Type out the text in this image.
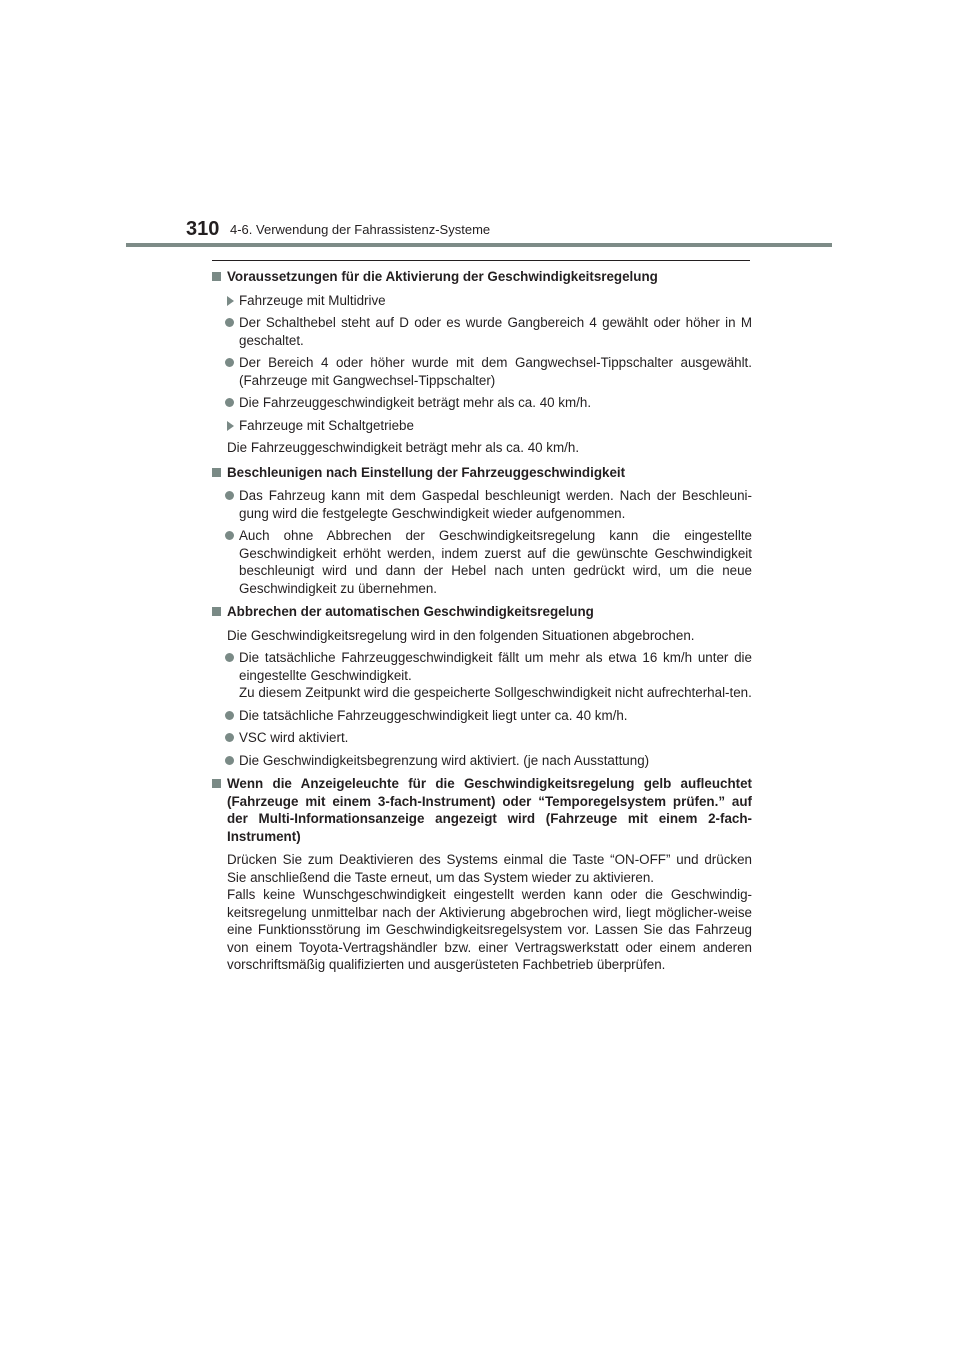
310 4-6. Verwendung der Fahrassistenz-Systeme
Voraussetzungen für die Aktivierung der Geschwindigkeitsregelung
Fahrzeuge mit Multidrive
Der Schalthebel steht auf D oder es wurde Gangbereich 4 gewählt oder höher in M geschaltet.
Der Bereich 4 oder höher wurde mit dem Gangwechsel-Tippschalter ausgewählt. (Fahrzeuge mit Gangwechsel-Tippschalter)
Die Fahrzeuggeschwindigkeit beträgt mehr als ca. 40 km/h.
Fahrzeuge mit Schaltgetriebe
Die Fahrzeuggeschwindigkeit beträgt mehr als ca. 40 km/h.
Beschleunigen nach Einstellung der Fahrzeuggeschwindigkeit
Das Fahrzeug kann mit dem Gaspedal beschleunigt werden. Nach der Beschleuni-gung wird die festgelegte Geschwindigkeit wieder aufgenommen.
Auch ohne Abbrechen der Geschwindigkeitsregelung kann die eingestellte Geschwindigkeit erhöht werden, indem zuerst auf die gewünschte Geschwindigkeit beschleunigt wird und dann der Hebel nach unten gedrückt wird, um die neue Geschwindigkeit zu übernehmen.
Abbrechen der automatischen Geschwindigkeitsregelung
Die Geschwindigkeitsregelung wird in den folgenden Situationen abgebrochen.
Die tatsächliche Fahrzeuggeschwindigkeit fällt um mehr als etwa 16 km/h unter die eingestellte Geschwindigkeit.
Zu diesem Zeitpunkt wird die gespeicherte Sollgeschwindigkeit nicht aufrechterhal-ten.
Die tatsächliche Fahrzeuggeschwindigkeit liegt unter ca. 40 km/h.
VSC wird aktiviert.
Die Geschwindigkeitsbegrenzung wird aktiviert. (je nach Ausstattung)
Wenn die Anzeigeleuchte für die Geschwindigkeitsregelung gelb aufleuchtet (Fahrzeuge mit einem 3-fach-Instrument) oder “Temporegelsystem prüfen.” auf der Multi-Informationsanzeige angezeigt wird (Fahrzeuge mit einem 2-fach-Instrument)
Drücken Sie zum Deaktivieren des Systems einmal die Taste “ON-OFF” und drücken Sie anschließend die Taste erneut, um das System wieder zu aktivieren.
Falls keine Wunschgeschwindigkeit eingestellt werden kann oder die Geschwindig-keitsregelung unmittelbar nach der Aktivierung abgebrochen wird, liegt möglicher-weise eine Funktionsstörung im Geschwindigkeitsregelsystem vor. Lassen Sie das Fahrzeug von einem Toyota-Vertragshändler bzw. einer Vertragswerkstatt oder einem anderen vorschriftsmäßig qualifizierten und ausgerüsteten Fachbetrieb überprüfen.
